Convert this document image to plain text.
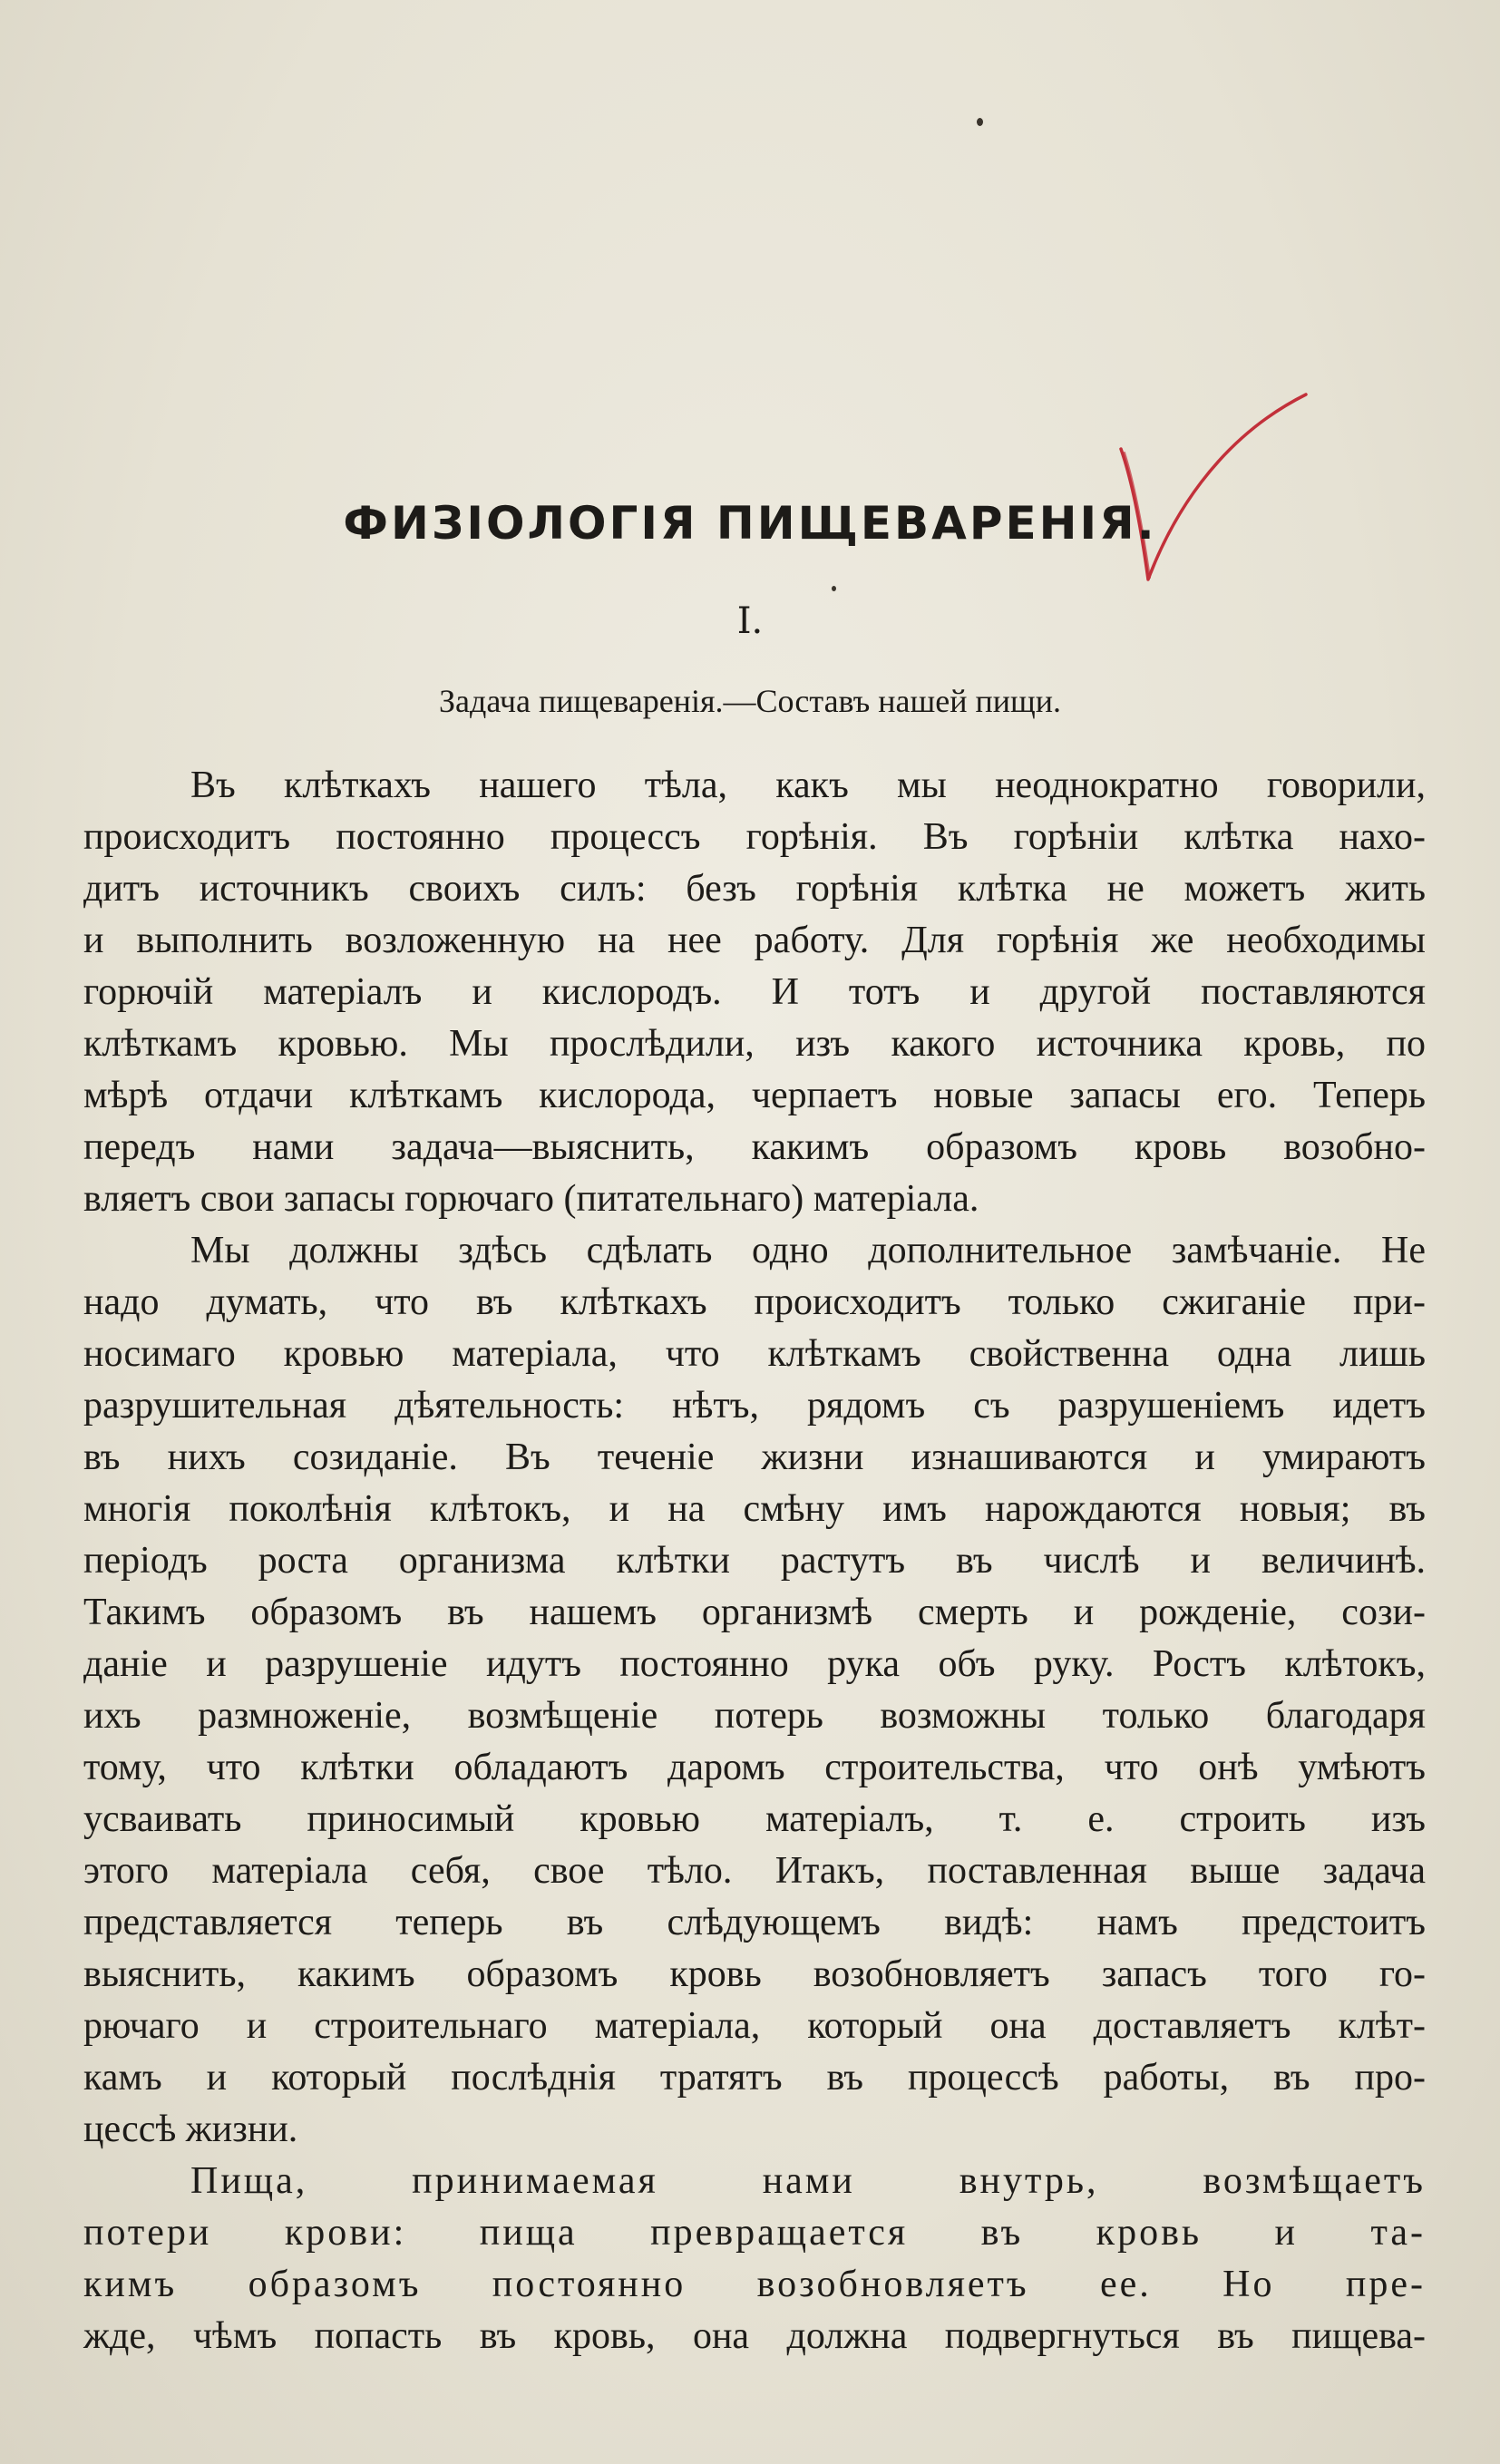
ФИЗІОЛОГІЯ ПИЩЕВАРЕНІЯ.
I.
Задача пищеваренія.—Составъ нашей пищи.
Въ клѣткахъ нашего тѣла, какъ мы неоднократно говорили,
происходитъ постоянно процессъ горѣнія. Въ горѣніи клѣтка нахо-
дитъ источникъ своихъ силъ: безъ горѣнія клѣтка не можетъ жить
и выполнить возложенную на нее работу. Для горѣнія же необходимы
горючій матеріалъ и кислородъ. И тотъ и другой поставляются
клѣткамъ кровью. Мы прослѣдили, изъ какого источника кровь, по
мѣрѣ отдачи клѣткамъ кислорода, черпаетъ новые запасы его. Теперь
передъ нами задача—выяснить, какимъ образомъ кровь возобно-
вляетъ свои запасы горючаго (питательнаго) матеріала.
Мы должны здѣсь сдѣлать одно дополнительное замѣчаніе. Не
надо думать, что въ клѣткахъ происходитъ только сжиганіе при-
носимаго кровью матеріала, что клѣткамъ свойственна одна лишь
разрушительная дѣятельность: нѣтъ, рядомъ съ разрушеніемъ идетъ
въ нихъ созиданіе. Въ теченіе жизни изнашиваются и умираютъ
многія поколѣнія клѣтокъ, и на смѣну имъ нарождаются новыя; въ
періодъ роста организма клѣтки растутъ въ числѣ и величинѣ.
Такимъ образомъ въ нашемъ организмѣ смерть и рожденіе, сози-
даніе и разрушеніе идутъ постоянно рука объ руку. Ростъ клѣтокъ,
ихъ размноженіе, возмѣщеніе потерь возможны только благодаря
тому, что клѣтки обладаютъ даромъ строительства, что онѣ умѣютъ
усваивать приносимый кровью матеріалъ, т. е. строить изъ
этого матеріала себя, свое тѣло. Итакъ, поставленная выше задача
представляется теперь въ слѣдующемъ видѣ: намъ предстоитъ
выяснить, какимъ образомъ кровь возобновляетъ запасъ того го-
рючаго и строительнаго матеріала, который она доставляетъ клѣт-
камъ и который послѣднія тратятъ въ процессѣ работы, въ про-
цессѣ жизни.
Пища, принимаемая нами внутрь, возмѣщаетъ
потери крови: пища превращается въ кровь и та-
кимъ образомъ постоянно возобновляетъ ее. Но пре-
жде, чѣмъ попасть въ кровь, она должна подвергнуться въ пищева-
